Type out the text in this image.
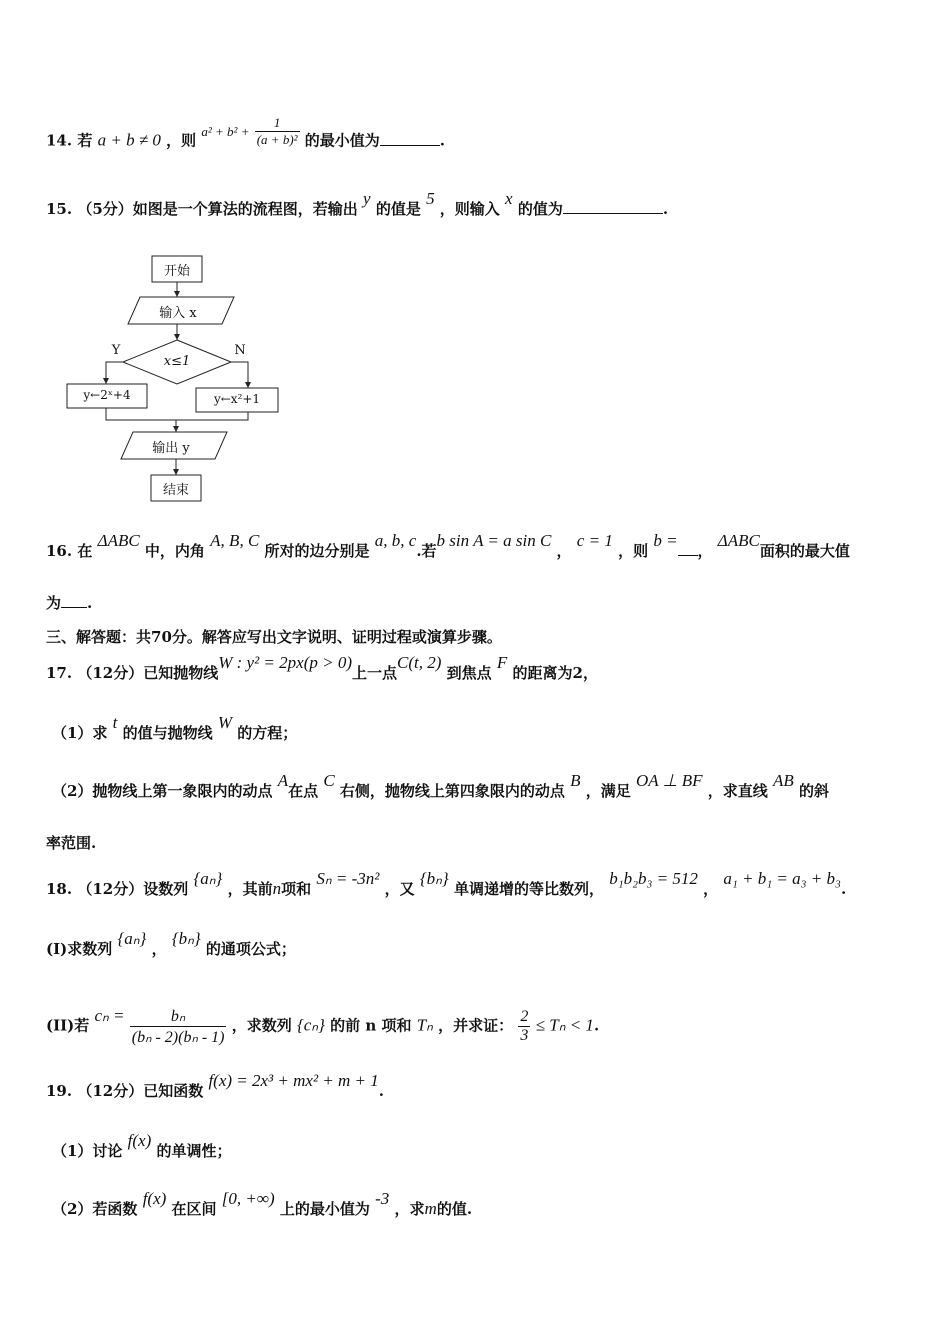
14. 若 a + b ≠ 0 ，则 $a^2 + b^2 + \frac{1}{\text{(a + b)²}}$ 的最小值为	.
15. （5分）如图是一个算法的流程图，若输出 y 的值是 5 ，则输入 x 的值为	.
开始
输入 x
x≤1
Y	N
y←2ˣ+4	y←x²+1
输出 y
结束
16. 在 ΔABC 中，内角 A, B, C 所对的边分别是 a, b, c.若b sin A = a sin C ， c = 1 ，则 b =， ΔABC面积的最大值
为 .
三、解答题：共70分。解答应写出文字说明、证明过程或演算步骤。
17. （12分）已知抛物线W : y² = 2px(p > 0)上一点C(t, 2) 到焦点 F 的距离为2，
（1）求 t 的值与抛物线 W 的方程；
（2）抛物线上第一象限内的动点 A在点 C 右侧，抛物线上第四象限内的动点 B ，满足 OA ⊥ BF ，求直线 AB 的斜
率范围.
18. （12分）设数列 {aₙ} ，其前n项和 Sₙ = -3n² ，又 {bₙ} 单调递增的等比数列， b₁b₂b₃ = 512 ， a₁ + b₁ = a₃ + b₃.
(I)求数列 {aₙ} ， {bₙ} 的通项公式；
(II)若 $c_n = \frac{\text{bₙ}}{\text{(bₙ - 2)(bₙ - 1)}}$ ，求数列 {cₙ} 的前 n 项和 Tₙ ，并求证： $\frac{2}{3} \le T_n < 1$.
19. （12分）已知函数 f(x) = 2x³ + mx² + m + 1.
（1）讨论 f(x) 的单调性；
（2）若函数 f(x) 在区间 [0, +∞) 上的最小值为 -3 ，求m的值.
